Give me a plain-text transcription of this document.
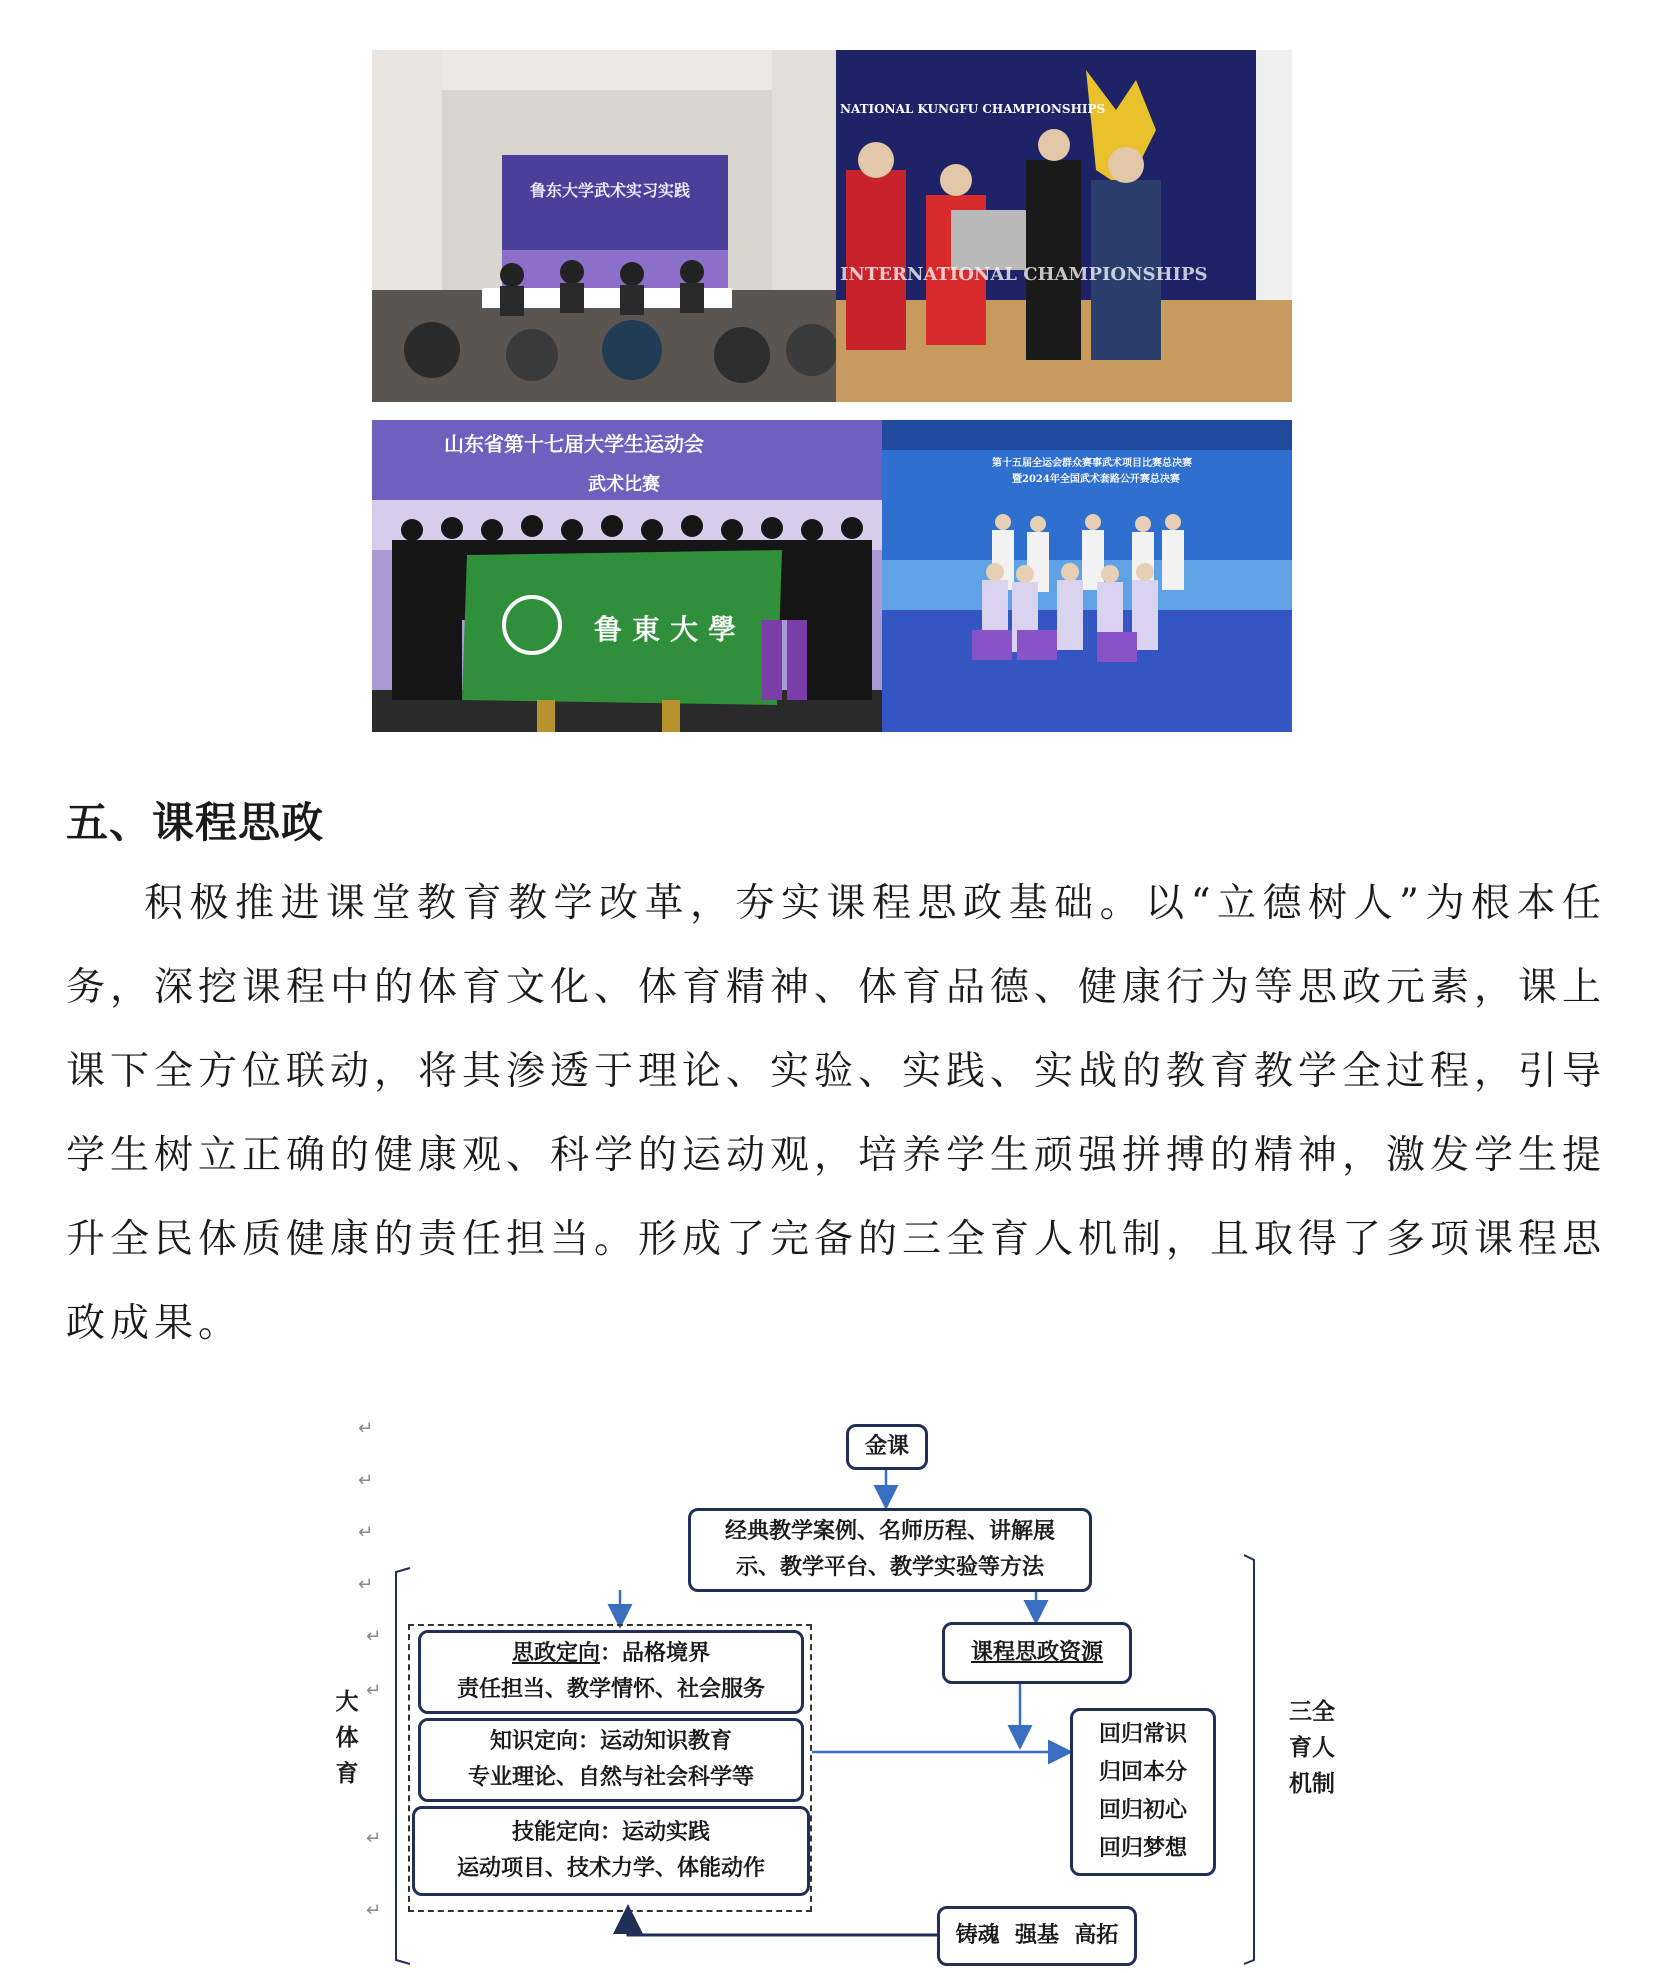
鲁东大学武术实习实践
NATIONAL KUNGFU CHAMPIONSHIPS
INTERNATIONAL CHAMPIONSHIPS
山东省第十七届大学生运动会
武术比赛
鲁東大學
第十五届全运会群众赛事武术项目比赛总决赛
暨2024年全国武术套路公开赛总决赛
五、课程思政

积极推进课堂教育教学改革，夯实课程思政基础。以“立德树人”为根本任务，深挖课程中的体育文化、体育精神、体育品德、健康行为等思政元素，课上课下全方位联动，将其渗透于理论、实验、实践、实战的教育教学全过程，引导学生树立正确的健康观、科学的运动观，培养学生顽强拼搏的精神，激发学生提升全民体质健康的责任担当。形成了完备的三全育人机制，且取得了多项课程思政成果。

金课
经典教学案例、名师历程、讲解展
示、教学平台、教学实验等方法
课程思政资源
思政定向：品格境界
责任担当、教学情怀、社会服务
知识定向：运动知识教育
专业理论、自然与社会科学等
技能定向：运动实践
运动项目、技术力学、体能动作
回归常识
归回本分
回归初心
回归梦想
铸魂  强基  高拓
大
体
育
三全
育人
机制
↵
↵
↵
↵
↵
↵
↵
↵
